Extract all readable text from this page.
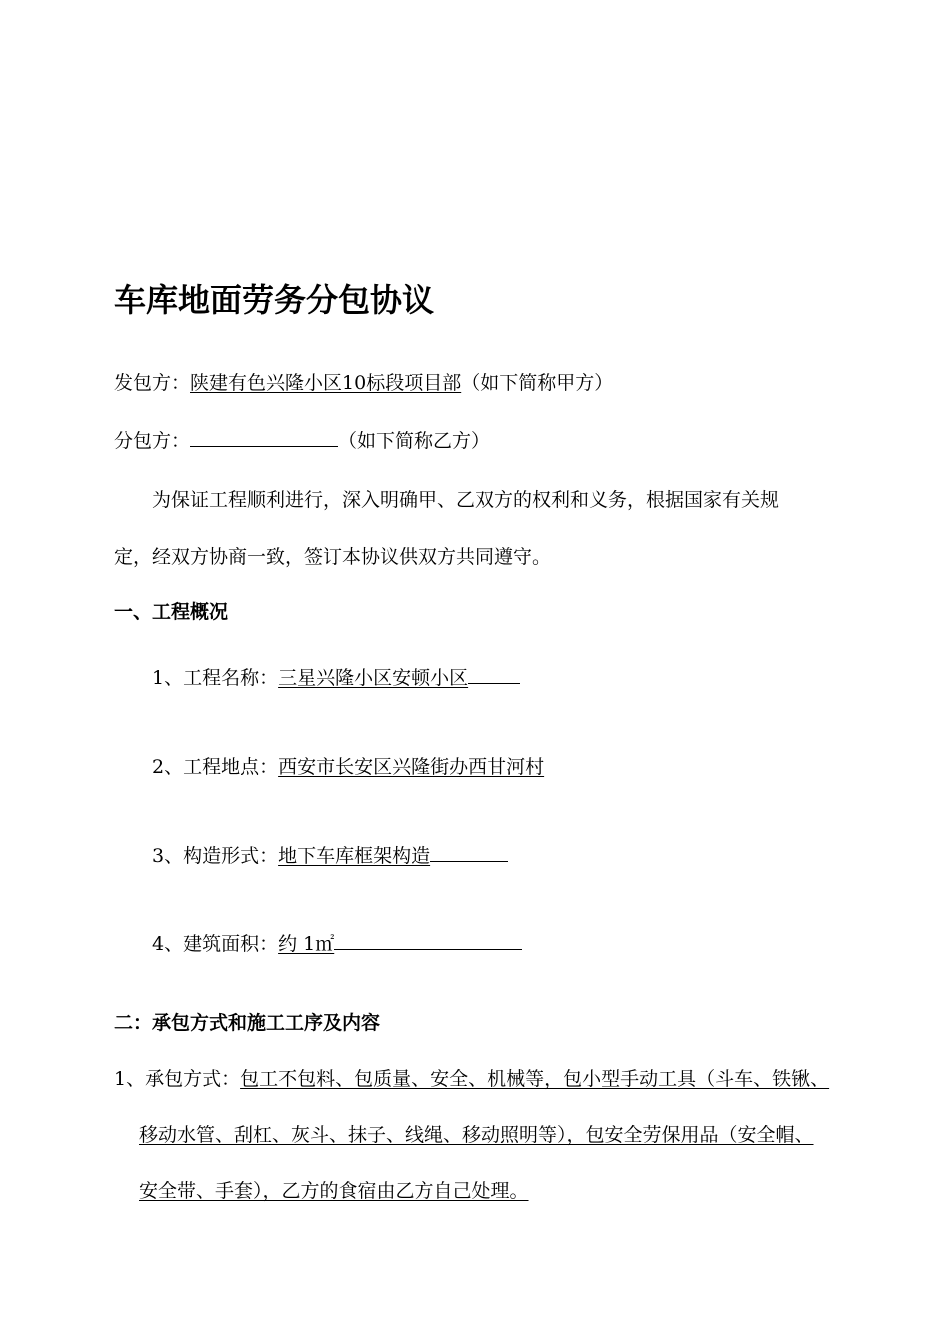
车库地面劳务分包协议
发包方：陕建有色兴隆小区10标段项目部（如下简称甲方）
分包方：	（如下简称乙方）
为保证工程顺利进行，深入明确甲、乙双方的权利和义务，根据国家有关规
定，经双方协商一致，签订本协议供双方共同遵守。
一、工程概况
1、工程名称：三星兴隆小区安顿小区
2、工程地点：西安市长安区兴隆街办西甘河村
3、构造形式：地下车库框架构造
4、建筑面积：约 1㎡
二：承包方式和施工工序及内容
1、承包方式：包工不包料、包质量、安全、机械等，包小型手动工具（斗车、铁锹、
移动水管、刮杠、灰斗、抹子、线绳、移动照明等），包安全劳保用品（安全帽、
安全带、手套），乙方的食宿由乙方自己处理。
